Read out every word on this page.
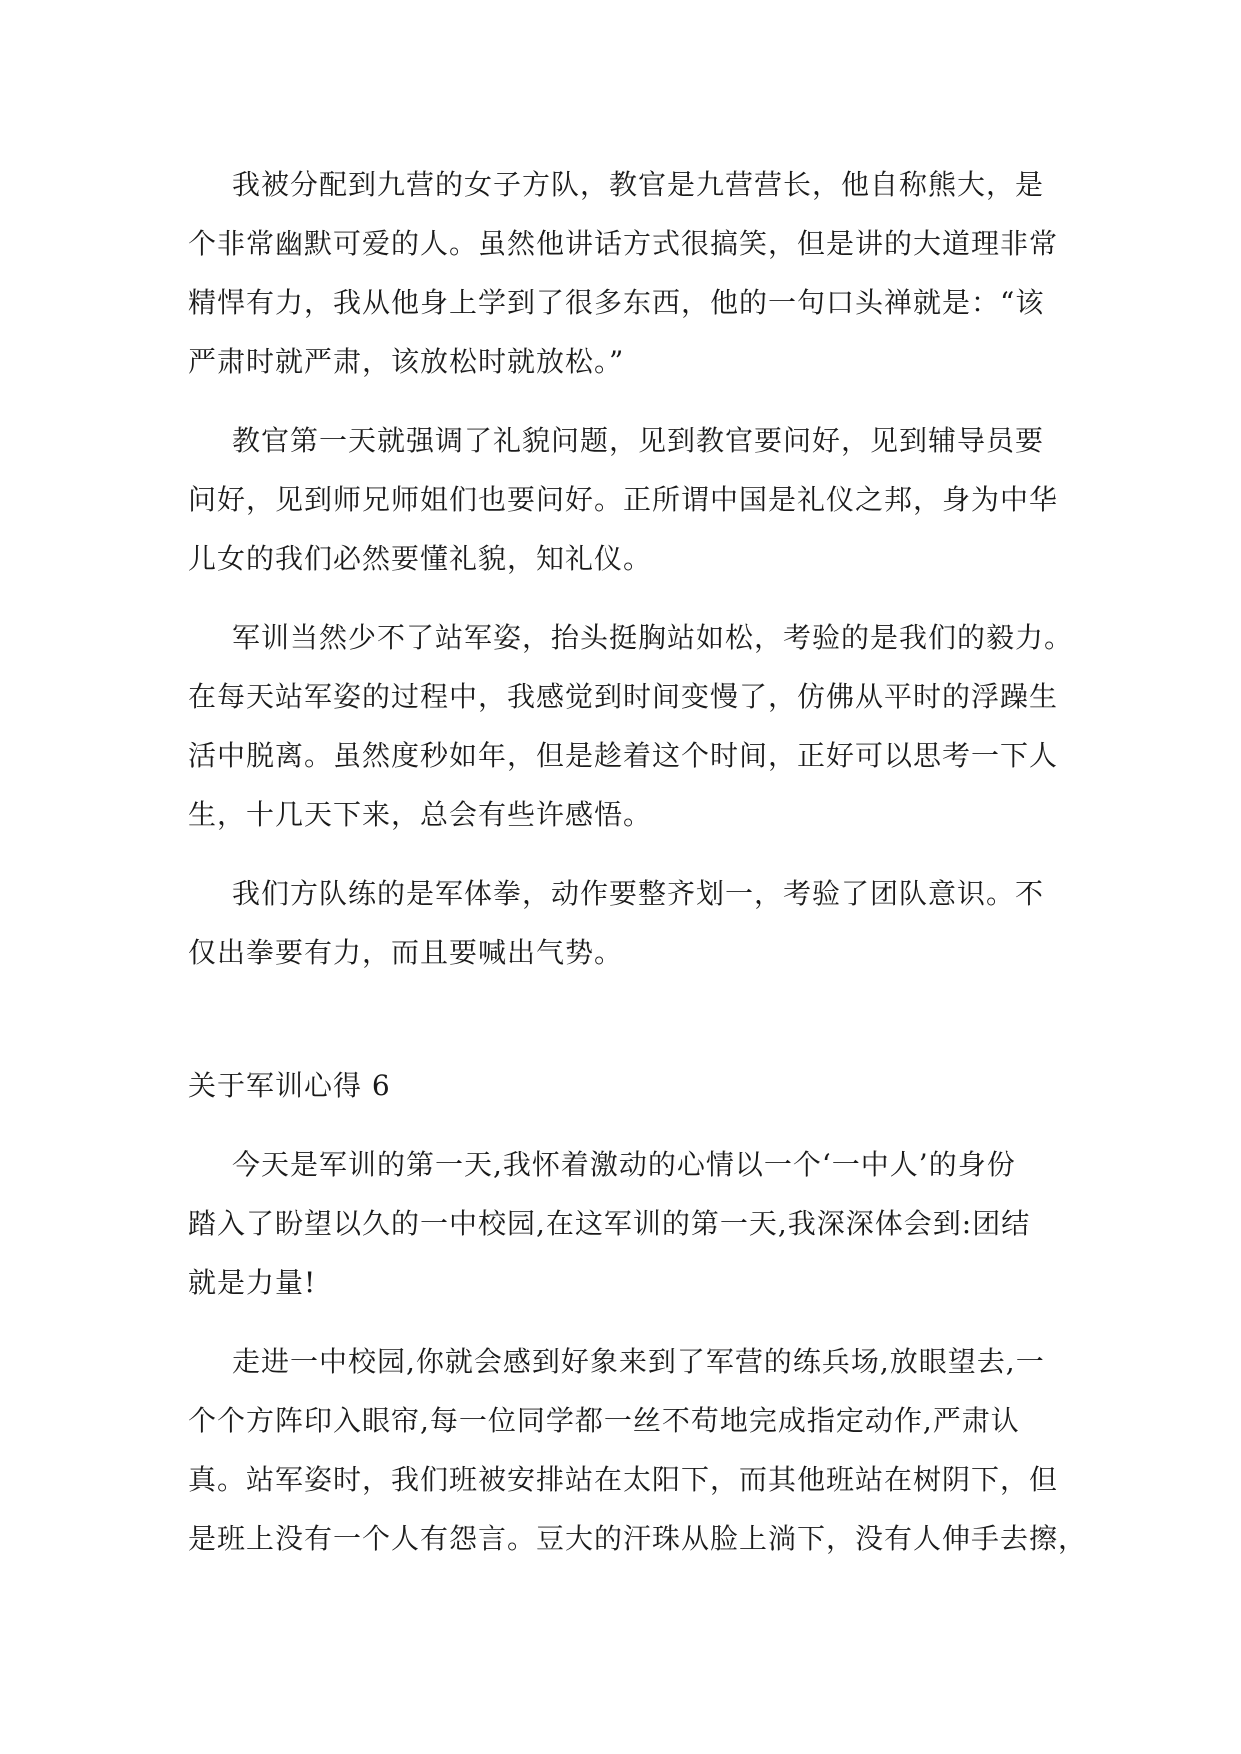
我被分配到九营的女子方队，教官是九营营长，他自称熊大，是
个非常幽默可爱的人。虽然他讲话方式很搞笑，但是讲的大道理非常
精悍有力，我从他身上学到了很多东西，他的一句口头禅就是：“该
严肃时就严肃，该放松时就放松。”
教官第一天就强调了礼貌问题，见到教官要问好，见到辅导员要
问好，见到师兄师姐们也要问好。正所谓中国是礼仪之邦，身为中华
儿女的我们必然要懂礼貌，知礼仪。
军训当然少不了站军姿，抬头挺胸站如松，考验的是我们的毅力。
在每天站军姿的过程中，我感觉到时间变慢了，仿佛从平时的浮躁生
活中脱离。虽然度秒如年，但是趁着这个时间，正好可以思考一下人
生，十几天下来，总会有些许感悟。
我们方队练的是军体拳，动作要整齐划一，考验了团队意识。不
仅出拳要有力，而且要喊出气势。
关于军训心得 6
今天是军训的第一天,我怀着激动的心情以一个‘一中人’的身份
踏入了盼望以久的一中校园,在这军训的第一天,我深深体会到:团结
就是力量!
走进一中校园,你就会感到好象来到了军营的练兵场,放眼望去,一
个个方阵印入眼帘,每一位同学都一丝不苟地完成指定动作,严肃认
真。站军姿时，我们班被安排站在太阳下，而其他班站在树阴下，但
是班上没有一个人有怨言。豆大的汗珠从脸上淌下，没有人伸手去擦，
